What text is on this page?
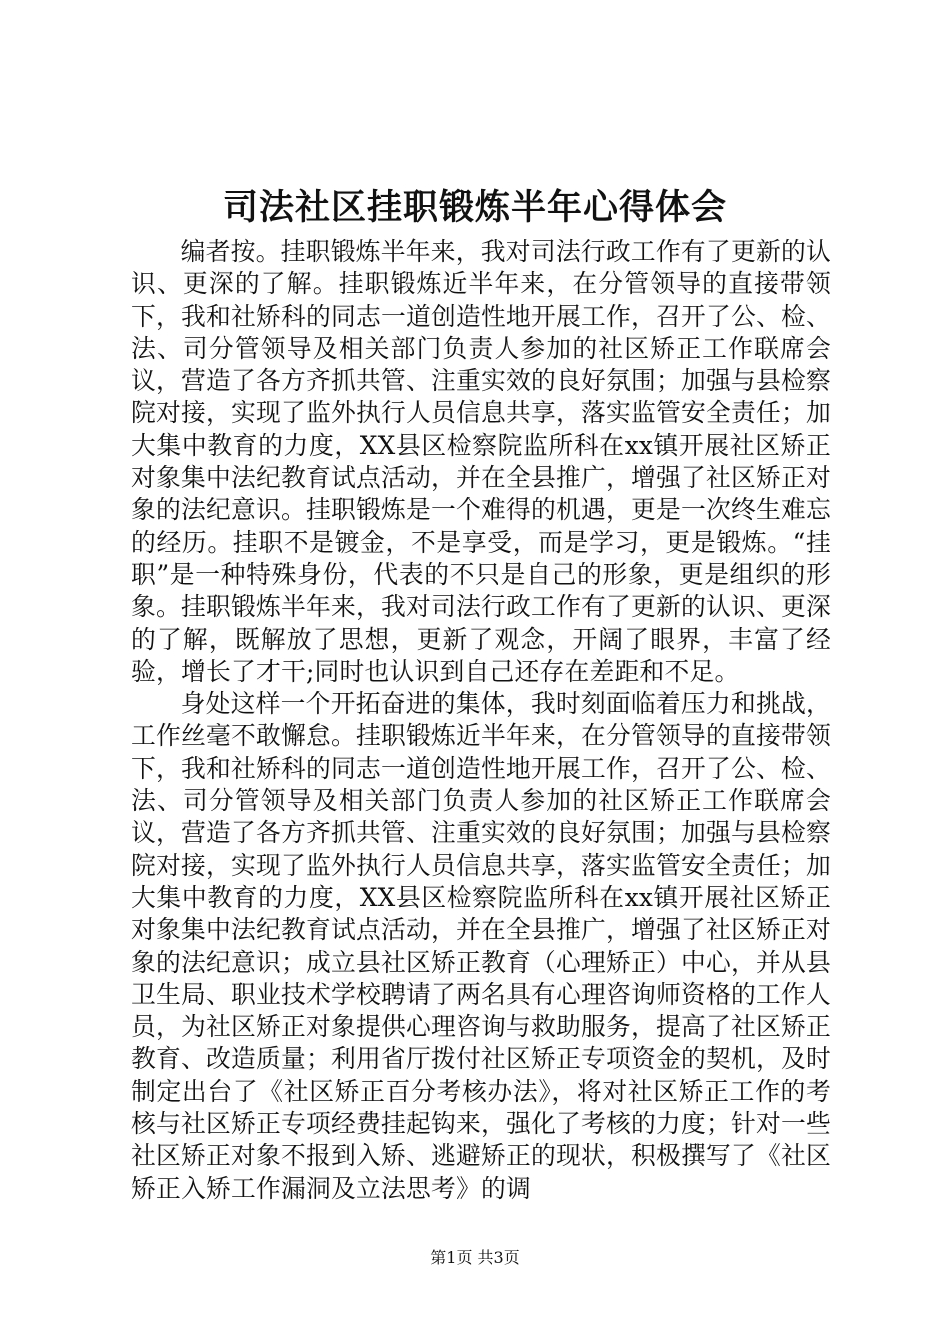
司法社区挂职锻炼半年心得体会

编者按。挂职锻炼半年来，我对司法行政工作有了更新的认识、更深的了解。挂职锻炼近半年来，在分管领导的直接带领下，我和社矫科的同志一道创造性地开展工作，召开了公、检、法、司分管领导及相关部门负责人参加的社区矫正工作联席会议，营造了各方齐抓共管、注重实效的良好氛围；加强与县检察院对接，实现了监外执行人员信息共享，落实监管安全责任；加大集中教育的力度，XX县区检察院监所科在xx镇开展社区矫正对象集中法纪教育试点活动，并在全县推广，增强了社区矫正对象的法纪意识。挂职锻炼是一个难得的机遇，更是一次终生难忘的经历。挂职不是镀金，不是享受，而是学习，更是锻炼。“挂职”是一种特殊身份，代表的不只是自己的形象，更是组织的形象。挂职锻炼半年来，我对司法行政工作有了更新的认识、更深的了解，既解放了思想，更新了观念，开阔了眼界，丰富了经验，增长了才干;同时也认识到自己还存在差距和不足。

身处这样一个开拓奋进的集体，我时刻面临着压力和挑战，工作丝毫不敢懈怠。挂职锻炼近半年来，在分管领导的直接带领下，我和社矫科的同志一道创造性地开展工作，召开了公、检、法、司分管领导及相关部门负责人参加的社区矫正工作联席会议，营造了各方齐抓共管、注重实效的良好氛围；加强与县检察院对接，实现了监外执行人员信息共享，落实监管安全责任；加大集中教育的力度，XX县区检察院监所科在xx镇开展社区矫正对象集中法纪教育试点活动，并在全县推广，增强了社区矫正对象的法纪意识；成立县社区矫正教育（心理矫正）中心，并从县卫生局、职业技术学校聘请了两名具有心理咨询师资格的工作人员，为社区矫正对象提供心理咨询与救助服务，提高了社区矫正教育、改造质量；利用省厅拨付社区矫正专项资金的契机，及时制定出台了《社区矫正百分考核办法》，将对社区矫正工作的考核与社区矫正专项经费挂起钩来，强化了考核的力度；针对一些社区矫正对象不报到入矫、逃避矫正的现状，积极撰写了《社区矫正入矫工作漏洞及立法思考》的调

第1页 共3页
